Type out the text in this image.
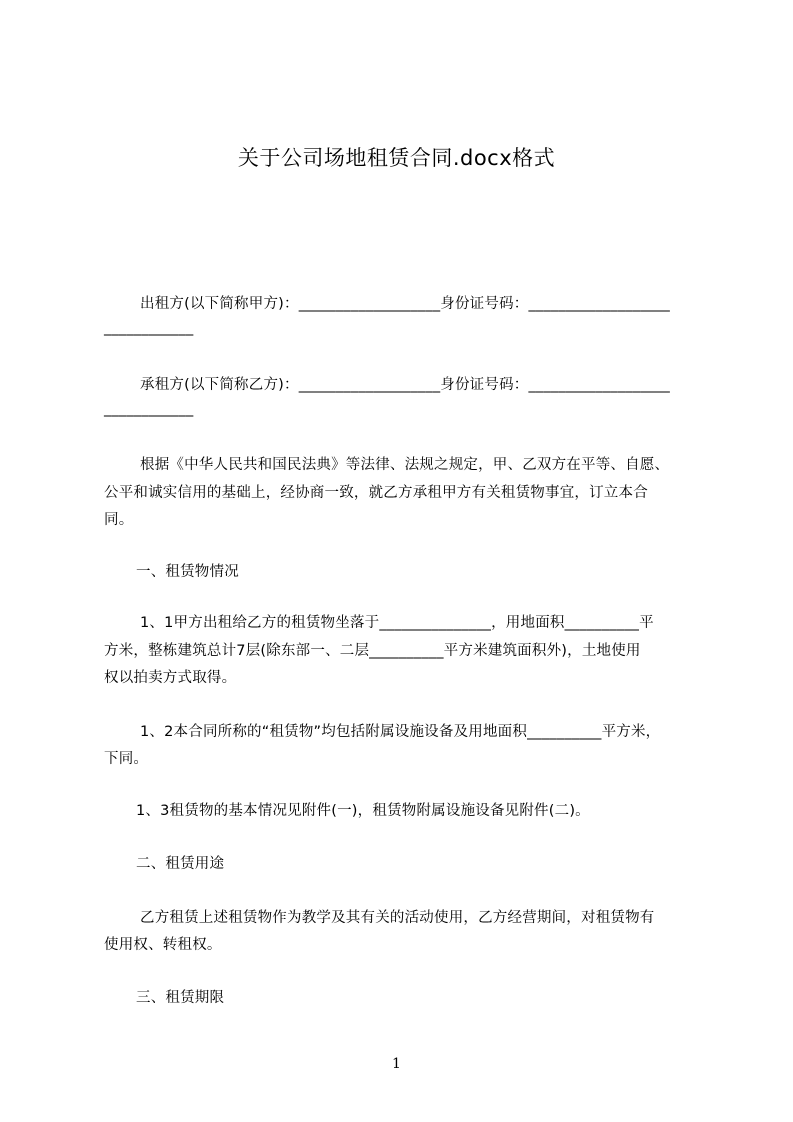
关于公司场地租赁合同.docx格式
出租方(以下简称甲方)：___________________身份证号码：___________________
____________
承租方(以下简称乙方)：___________________身份证号码：___________________
____________
根据《中华人民共和国民法典》等法律、法规之规定，甲、乙双方在平等、自愿、
公平和诚实信用的基础上，经协商一致，就乙方承租甲方有关租赁物事宜，订立本合
同。
一、租赁物情况
1、1甲方出租给乙方的租赁物坐落于_______________，用地面积__________平
方米，整栋建筑总计7层(除东部一、二层__________平方米建筑面积外)，土地使用
权以拍卖方式取得。
1、2本合同所称的“租赁物”均包括附属设施设备及用地面积__________平方米，
下同。
1、3租赁物的基本情况见附件(一)，租赁物附属设施设备见附件(二)。
二、租赁用途
乙方租赁上述租赁物作为教学及其有关的活动使用，乙方经营期间，对租赁物有
使用权、转租权。
三、租赁期限
1
